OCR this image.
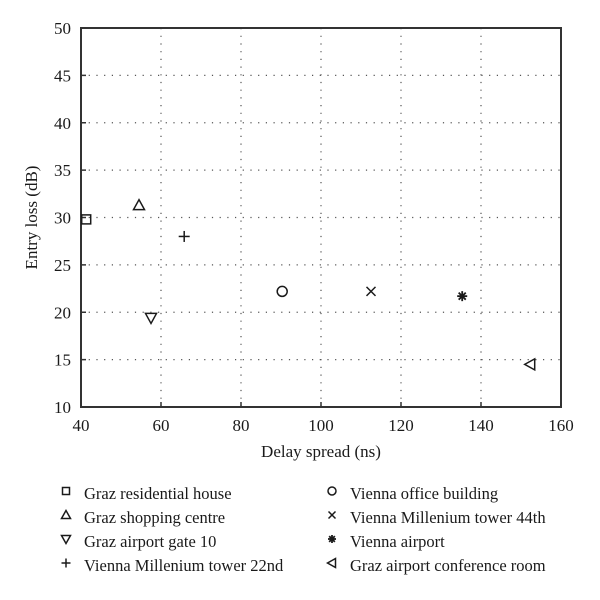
40	60	80	100	120	140	160
10
15
20
25
30
35
40
45
50
Delay spread (ns)
Entry loss (dB)
Graz residential house
Graz shopping centre
Graz airport gate 10
Vienna Millenium tower 22nd
Vienna office building
Vienna Millenium tower 44th
Vienna airport
Graz airport conference room
